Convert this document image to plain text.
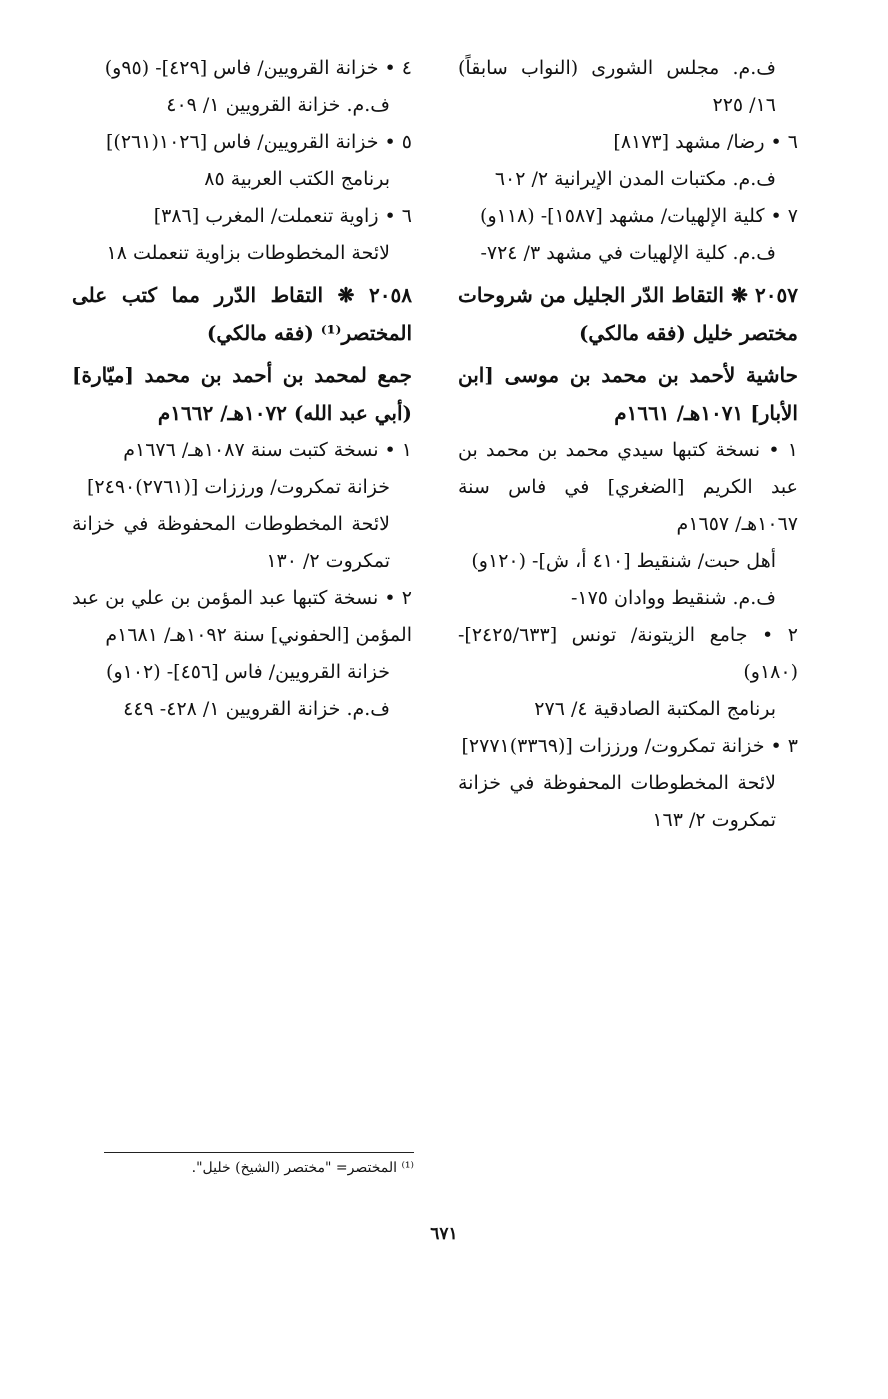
ف.م. مجلس الشورى (النواب سابقاً) ١٦/ ٢٢٥

٦ • رضا/ مشهد [٨١٧٣]

ف.م. مكتبات المدن الإيرانية ٢/ ٦٠٢

٧ • كلية الإلهيات/ مشهد [١٥٨٧]- (١١٨و)

ف.م. كلية الإلهيات في مشهد ٣/ ٧٢٤-

٢٠٥٧ ❋ التقاط الدّر الجليل من شروحات مختصر خليل (فقه مالكي)

حاشية لأحمد بن محمد بن موسى [ابن الأبار] ١٠٧١هـ/ ١٦٦١م

١ • نسخة كتبها سيدي محمد بن محمد بن عبد الكريم [الضغري] في فاس سنة ١٠٦٧هـ/ ١٦٥٧م

أهل حبت/ شنقيط [٤١٠ أ، ش]- (١٢٠و)

ف.م. شنقيط ووادان ١٧٥-

٢ • جامع الزيتونة/ تونس [٢٤٢٥/٦٣٣]- (١٨٠و)

برنامج المكتبة الصادقية ٤/ ٢٧٦

٣ • خزانة تمكروت/ ورززات [(٣٣٦٩)٢٧٧١]

لائحة المخطوطات المحفوظة في خزانة تمكروت ٢/ ١٦٣

٤ • خزانة القرويين/ فاس [٤٢٩]- (٩٥و)

ف.م. خزانة القرويين ١/ ٤٠٩

٥ • خزانة القرويين/ فاس [١٠٢٦(٢٦١)]

برنامج الكتب العربية ٨٥

٦ • زاوية تنعملت/ المغرب [٣٨٦]

لائحة المخطوطات بزاوية تنعملت ١٨

٢٠٥٨ ❋ التقاط الدّرر مما كتب على المختصر⁽¹⁾ (فقه مالكي)

جمع لمحمد بن أحمد بن محمد [ميّارة] (أبي عبد الله) ١٠٧٢هـ/ ١٦٦٢م

١ • نسخة كتبت سنة ١٠٨٧هـ/ ١٦٧٦م

خزانة تمكروت/ ورززات [(٢٧٦١)٢٤٩٠]

لائحة المخطوطات المحفوظة في خزانة تمكروت ٢/ ١٣٠

٢ • نسخة كتبها عبد المؤمن بن علي بن عبد المؤمن [الحفوني] سنة ١٠٩٢هـ/ ١٦٨١م

خزانة القرويين/ فاس [٤٥٦]- (١٠٢و)

ف.م. خزانة القرويين ١/ ٤٢٨- ٤٤٩

⁽¹⁾ المختصر= "مختصر (الشيخ) خليل".
٦٧١
